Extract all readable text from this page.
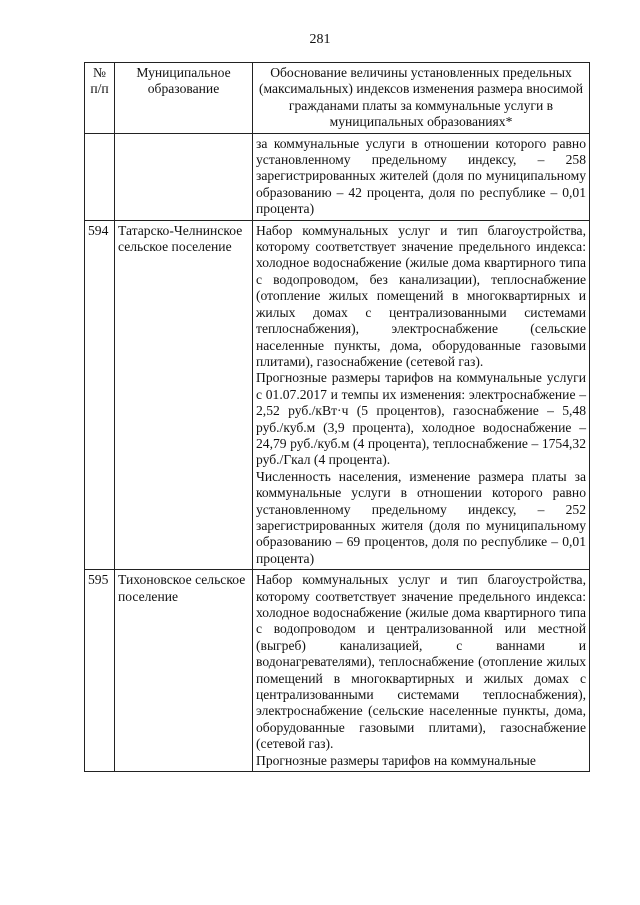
281
№ п/п	Муниципальное образование	Обоснование величины установленных предельных (максимальных) индексов изменения размера вносимой гражданами платы за коммунальные услуги в муниципальных образованиях*

		за коммунальные услуги в отношении которого равно установленному предельному индексу, – 258 зарегистрированных жителей (доля по муниципальному образованию – 42 процента, доля по республике – 0,01 процента)

594	Татарско-Челнинское сельское поселение	Набор коммунальных услуг и тип благоустройства, которому соответствует значение предельного индекса: холодное водоснабжение (жилые дома квартирного типа с водопроводом, без канализации), теплоснабжение (отопление жилых помещений в многоквартирных и жилых домах с централизованными системами теплоснабжения), электроснабжение (сельские населенные пункты, дома, оборудованные газовыми плитами), газоснабжение (сетевой газ).

Прогнозные размеры тарифов на коммунальные услуги с 01.07.2017 и темпы их изменения: электроснабжение – 2,52 руб./кВт·ч (5 процентов), газоснабжение – 5,48 руб./куб.м (3,9 процента), холодное водоснабжение – 24,79 руб./куб.м (4 процента), теплоснабжение – 1754,32 руб./Гкал (4 процента).

Численность населения, изменение размера платы за коммунальные услуги в отношении которого равно установленному предельному индексу, – 252 зарегистрированных жителя (доля по муниципальному образованию – 69 процентов, доля по республике – 0,01 процента)

595	Тихоновское сельское поселение	Набор коммунальных услуг и тип благоустройства, которому соответствует значение предельного индекса: холодное водоснабжение (жилые дома квартирного типа с водопроводом и централизованной или местной (выгреб) канализацией, с ваннами и водонагревателями), теплоснабжение (отопление жилых помещений в многоквартирных и жилых домах с централизованными системами теплоснабжения), электроснабжение (сельские населенные пункты, дома, оборудованные газовыми плитами), газоснабжение (сетевой газ).

Прогнозные размеры тарифов на коммунальные
